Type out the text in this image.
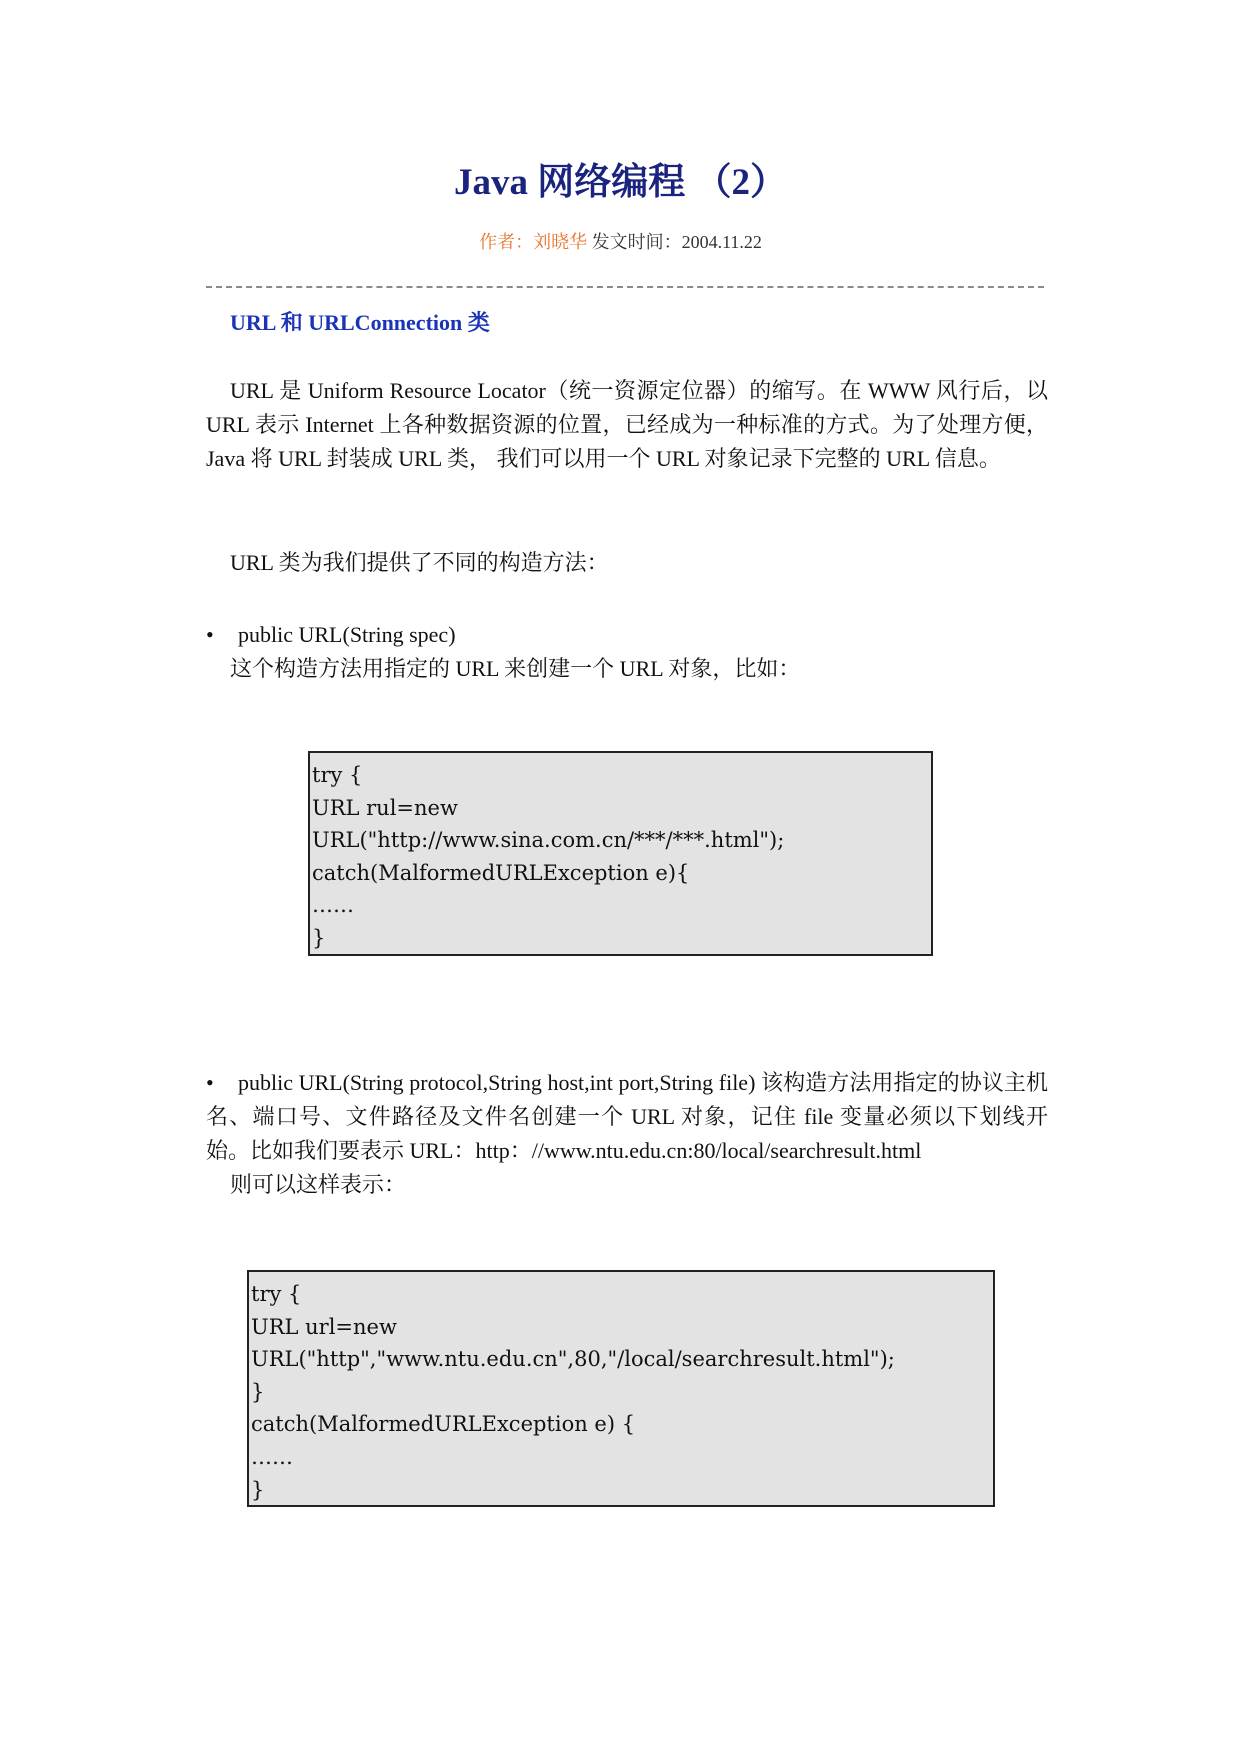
Java 网络编程 （2）
作者：刘晓华 发文时间：2004.11.22
URL 和 URLConnection 类
URL 是 Uniform Resource Locator（统一资源定位器）的缩写。在 WWW 风行后，以 URL 表示 Internet 上各种数据资源的位置，已经成为一种标准的方式。为了处理方便，Java 将 URL 封装成 URL 类， 我们可以用一个 URL 对象记录下完整的 URL 信息。
URL 类为我们提供了不同的构造方法：
•	public URL(String spec)
这个构造方法用指定的 URL 来创建一个 URL 对象，比如：
try {
URL rul=new
URL("http://www.sina.com.cn/***/***.html");
catch(MalformedURLException e){
……
}
•	public URL(String protocol,String host,int port,String file) 该构造方法用指定的协议主机名、端口号、文件路径及文件名创建一个 URL 对象，记住 file 变量必须以下划线开始。比如我们要表示 URL：http：//www.ntu.edu.cn:80/local/searchresult.html
则可以这样表示：
try {
URL url=new
URL("http","www.ntu.edu.cn",80,"/local/searchresult.html");
}
catch(MalformedURLException e) {
……
}
